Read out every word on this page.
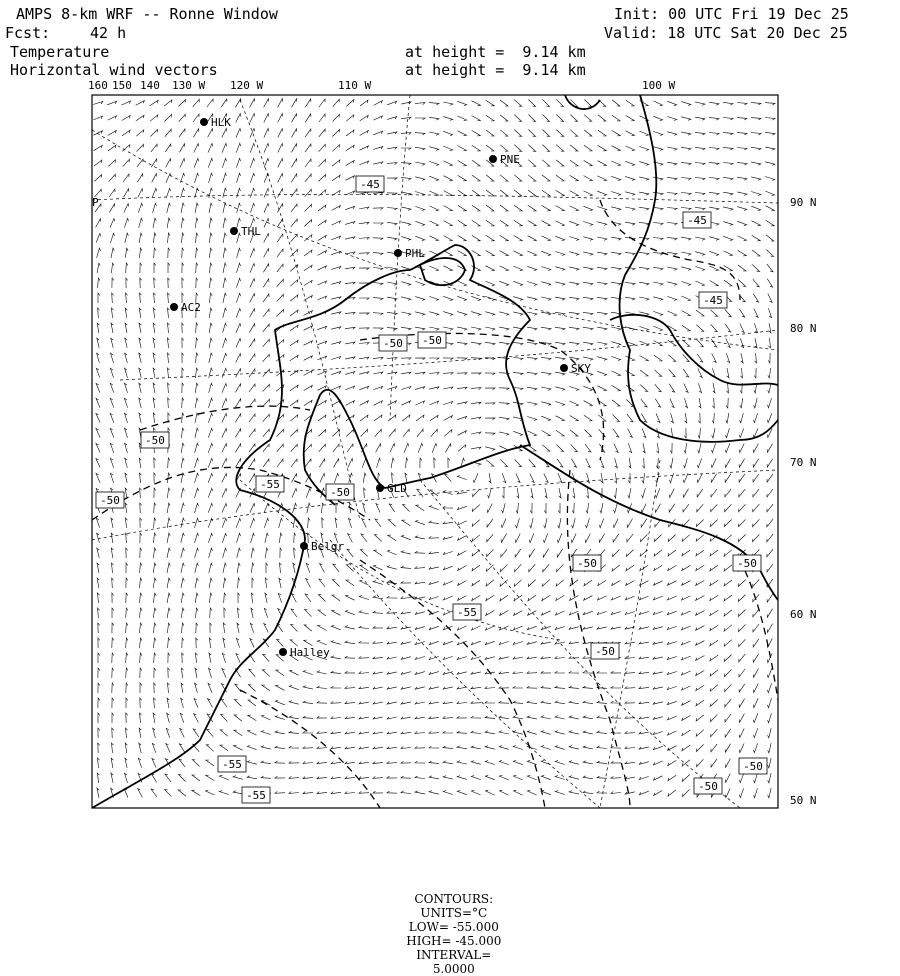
AMPS 8-km WRF -- Ronne Window	Init: 00 UTC Fri 19 Dec 25
Fcst:	42 h	Valid: 18 UTC Sat 20 Dec 25
Temperature	at height =  9.14 km
Horizontal wind vectors	at height =  9.14 km
HLK
PNE
THL
PHL
AC2
SKY
GLD
Belgr
Halley
-45
-45
-45
-50 -50
-50
-50
-55
-50
-50
-55
-50
-50
-50
-55	-50
-55
160 150 140 130 W 120 W	110 W	100 W
90 N
80 N
70 N
60 N
50 N
P

CONTOURS:
UNITS=°C
LOW= -55.000
HIGH= -45.000
INTERVAL=
5.0000
